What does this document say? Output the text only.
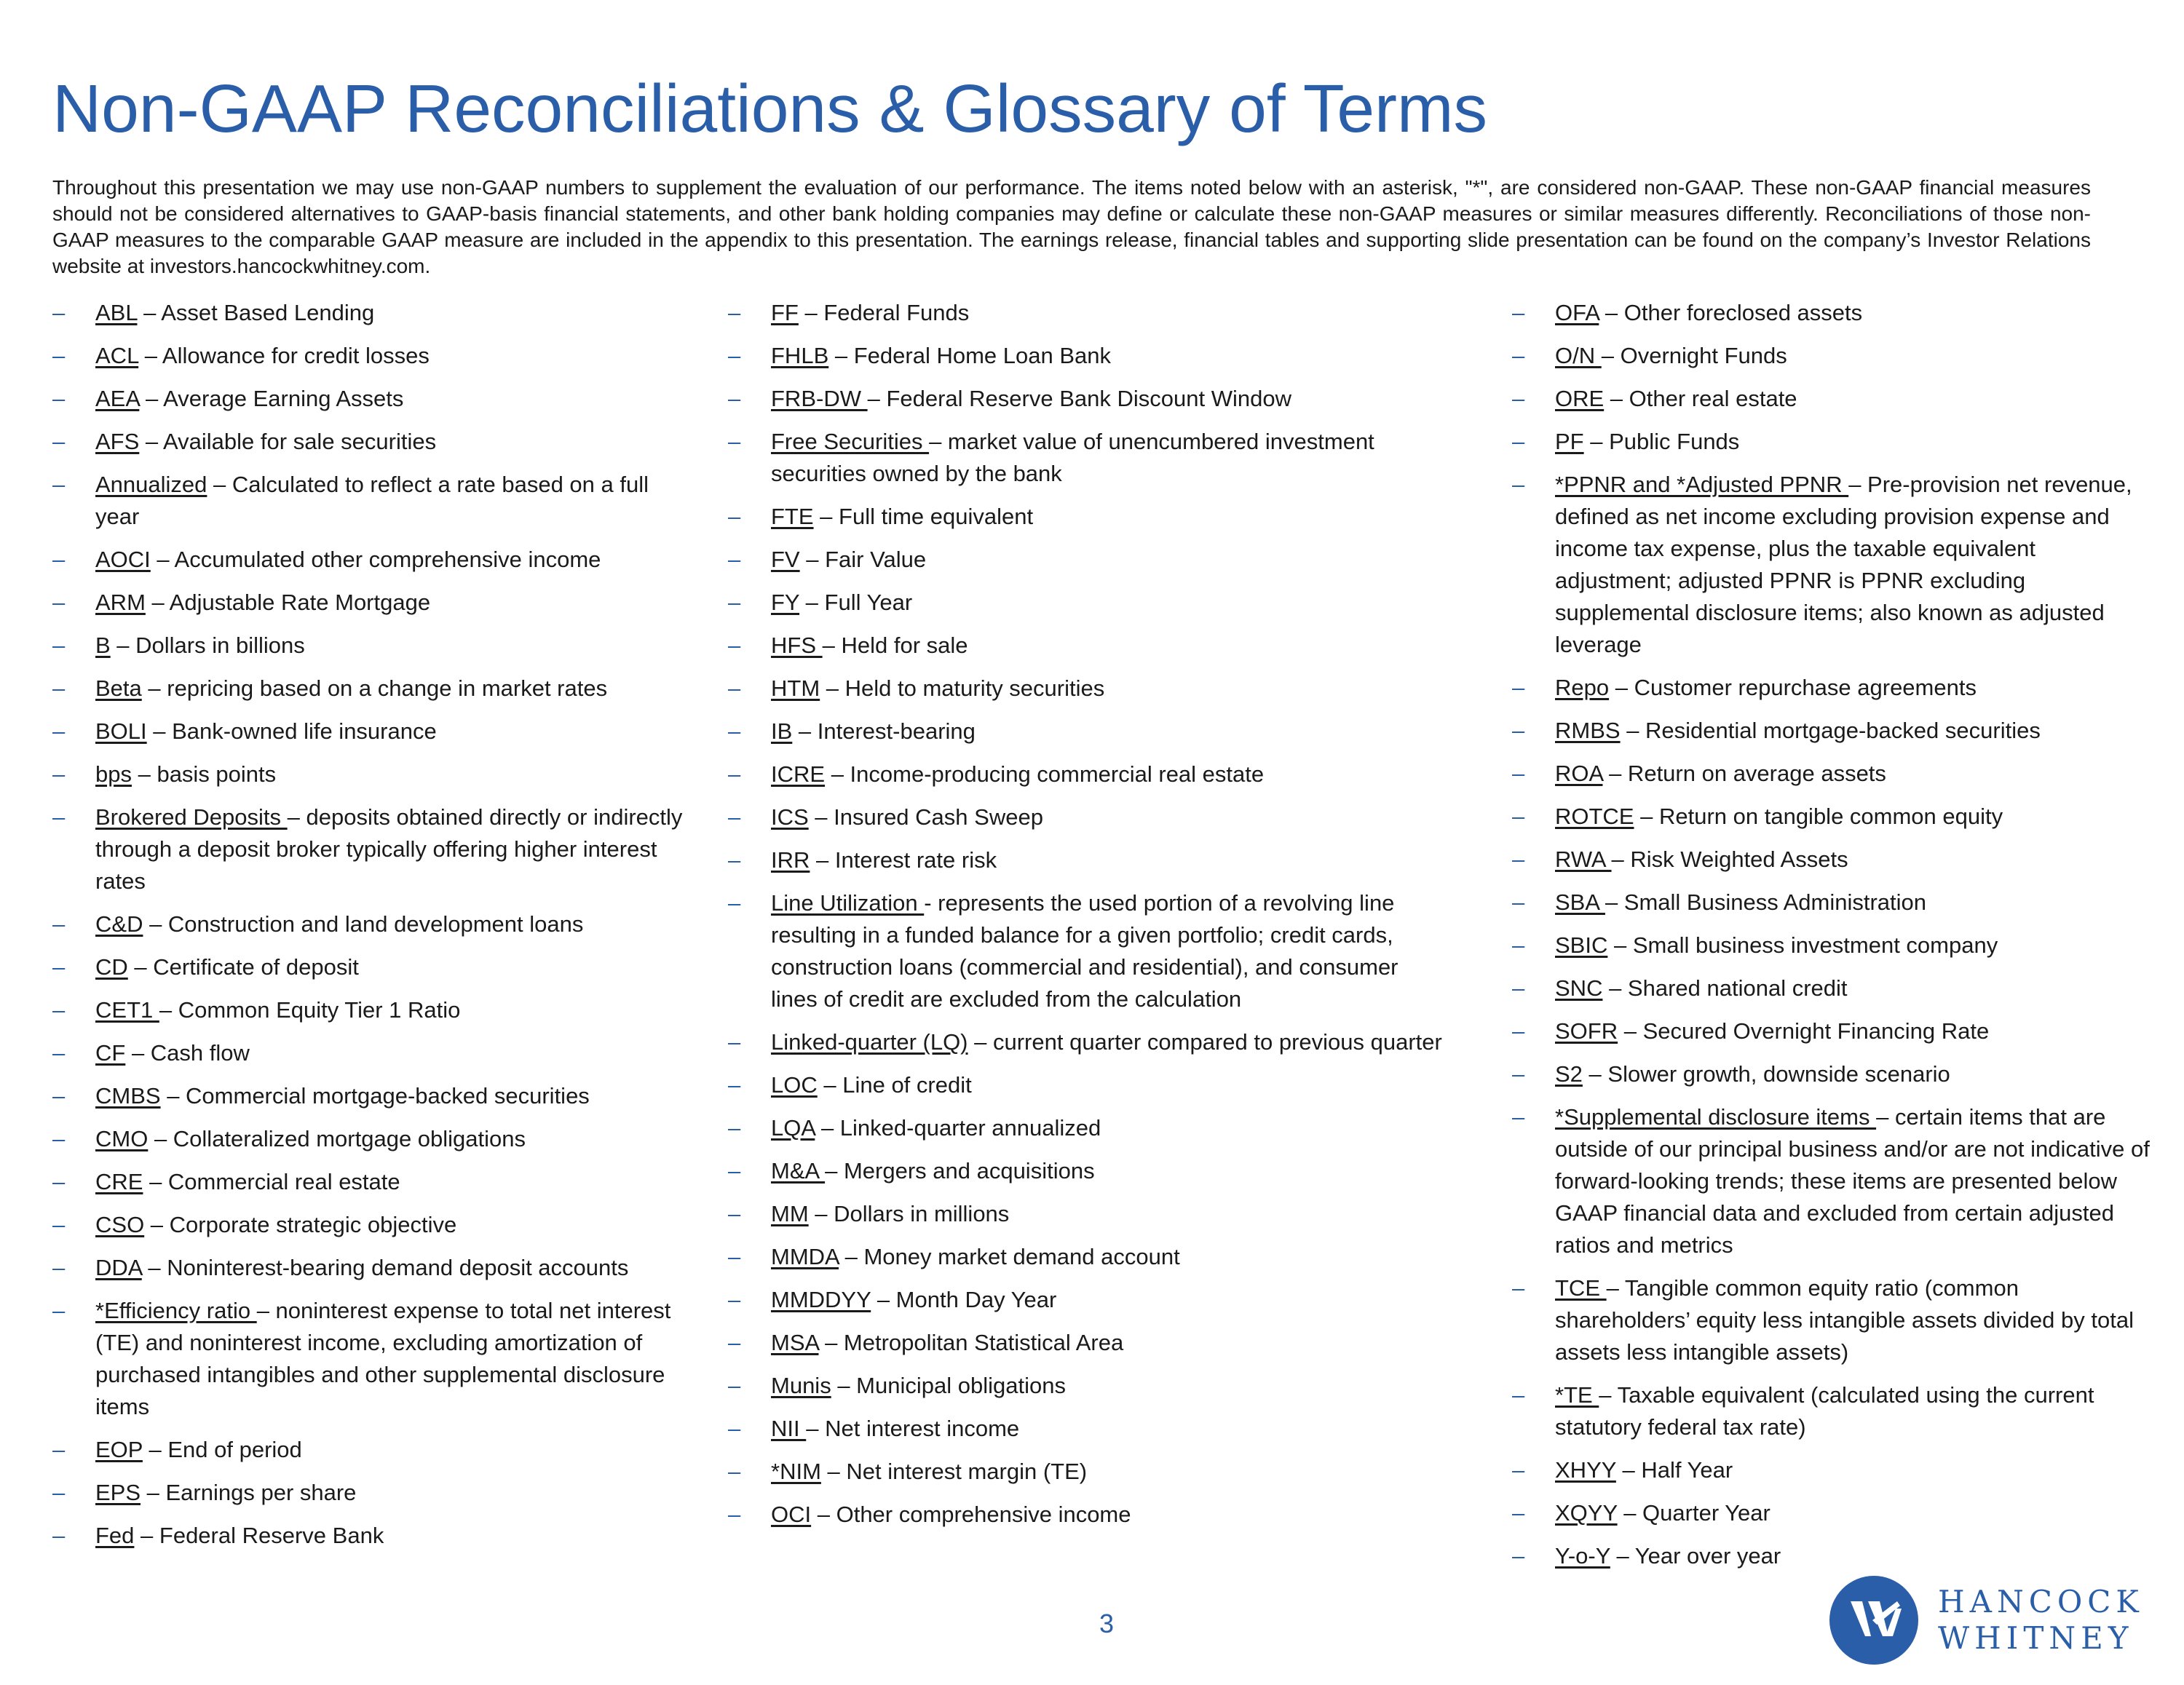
Non-GAAP Reconciliations & Glossary of Terms

Throughout this presentation we may use non-GAAP numbers to supplement the evaluation of our performance. The items noted below with an asterisk, "*", are considered non-GAAP. These non-GAAP financial measures should not be considered alternatives to GAAP-basis financial statements, and other bank holding companies may define or calculate these non-GAAP measures or similar measures differently. Reconciliations of those non-GAAP measures to the comparable GAAP measure are included in the appendix to this presentation. The earnings release, financial tables and supporting slide presentation can be found on the company’s Investor Relations website at investors.hancockwhitney.com.

– ABL – Asset Based Lending
– ACL – Allowance for credit losses
– AEA – Average Earning Assets
– AFS – Available for sale securities
– Annualized – Calculated to reflect a rate based on a full year
– AOCI – Accumulated other comprehensive income
– ARM – Adjustable Rate Mortgage
– B – Dollars in billions
– Beta – repricing based on a change in market rates
– BOLI – Bank-owned life insurance
– bps – basis points
– Brokered Deposits – deposits obtained directly or indirectly through a deposit broker typically offering higher interest rates
– C&D – Construction and land development loans
– CD – Certificate of deposit
– CET1 – Common Equity Tier 1 Ratio
– CF – Cash flow
– CMBS – Commercial mortgage-backed securities
– CMO – Collateralized mortgage obligations
– CRE – Commercial real estate
– CSO – Corporate strategic objective
– DDA – Noninterest-bearing demand deposit accounts
– *Efficiency ratio – noninterest expense to total net interest (TE) and noninterest income, excluding amortization of purchased intangibles and other supplemental disclosure items
– EOP – End of period
– EPS – Earnings per share
– Fed – Federal Reserve Bank
– FF – Federal Funds
– FHLB – Federal Home Loan Bank
– FRB-DW – Federal Reserve Bank Discount Window
– Free Securities – market value of unencumbered investment securities owned by the bank
– FTE – Full time equivalent
– FV – Fair Value
– FY – Full Year
– HFS – Held for sale
– HTM – Held to maturity securities
– IB – Interest-bearing
– ICRE – Income-producing commercial real estate
– ICS – Insured Cash Sweep
– IRR – Interest rate risk
– Line Utilization - represents the used portion of a revolving line resulting in a funded balance for a given portfolio; credit cards, construction loans (commercial and residential), and consumer lines of credit are excluded from the calculation
– Linked-quarter (LQ) – current quarter compared to previous quarter
– LOC – Line of credit
– LQA – Linked-quarter annualized
– M&A – Mergers and acquisitions
– MM – Dollars in millions
– MMDA – Money market demand account
– MMDDYY – Month Day Year
– MSA – Metropolitan Statistical Area
– Munis – Municipal obligations
– NII – Net interest income
– *NIM – Net interest margin (TE)
– OCI – Other comprehensive income
– OFA – Other foreclosed assets
– O/N – Overnight Funds
– ORE – Other real estate
– PF – Public Funds
– *PPNR and *Adjusted PPNR – Pre-provision net revenue, defined as net income excluding provision expense and income tax expense, plus the taxable equivalent adjustment; adjusted PPNR is PPNR excluding supplemental disclosure items; also known as adjusted leverage
– Repo – Customer repurchase agreements
– RMBS – Residential mortgage-backed securities
– ROA – Return on average assets
– ROTCE – Return on tangible common equity
– RWA – Risk Weighted Assets
– SBA – Small Business Administration
– SBIC – Small business investment company
– SNC – Shared national credit
– SOFR – Secured Overnight Financing Rate
– S2 – Slower growth, downside scenario
– *Supplemental disclosure items – certain items that are outside of our principal business and/or are not indicative of forward-looking trends; these items are presented below GAAP financial data and excluded from certain adjusted ratios and metrics
– TCE – Tangible common equity ratio (common shareholders’ equity less intangible assets divided by total assets less intangible assets)
– *TE – Taxable equivalent (calculated using the current statutory federal tax rate)
– XHYY – Half Year
– XQYY – Quarter Year
– Y-o-Y – Year over year
3
HANCOCK
WHITNEY
